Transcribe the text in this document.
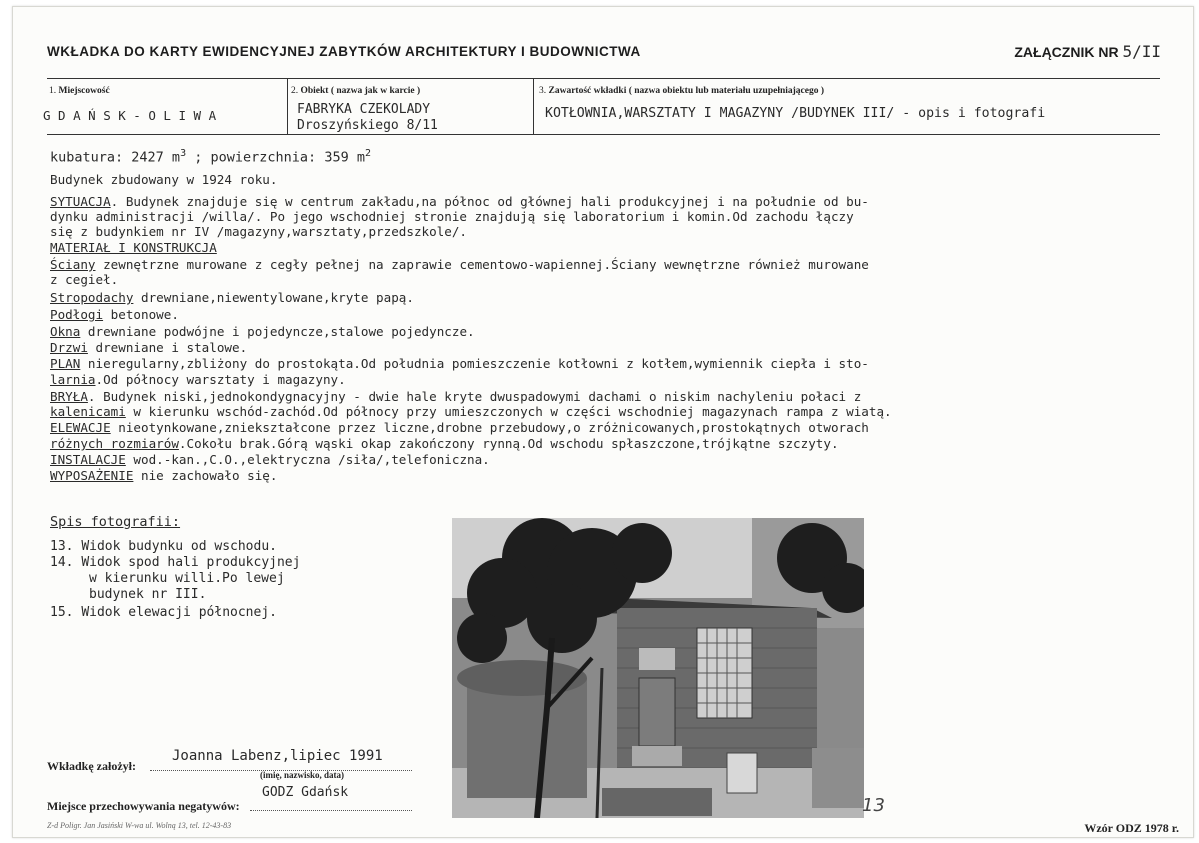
WKŁADKA DO KARTY EWIDENCYJNEJ ZABYTKÓW ARCHITEKTURY I BUDOWNICTWA	ZAŁĄCZNIK NR 5/II
1. Miejscowość
G D A Ń S K - O L I W A
2. Obiekt ( nazwa jak w karcie )
FABRYKA CZEKOLADY
Droszyńskiego 8/11
3. Zawartość wkładki ( nazwa obiektu lub materiału uzupełniającego )
KOTŁOWNIA,WARSZTATY I MAGAZYNY /BUDYNEK III/ - opis i fotografi
kubatura: 2427 $m^3$ ; powierzchnia: 359 $m^2$
Budynek zbudowany w 1924 roku.
SYTUACJA. Budynek znajduje się w centrum zakładu,na północ od głównej hali produkcyjnej i na południe od bu-
dynku administracji /willa/. Po jego wschodniej stronie znajdują się laboratorium i komin.Od zachodu łączy
się z budynkiem nr IV /magazyny,warsztaty,przedszkole/.
MATERIAŁ I KONSTRUKCJA
Ściany zewnętrzne murowane z cegły pełnej na zaprawie cementowo-wapiennej.Ściany wewnętrzne również murowane
z cegieł.
Stropodachy drewniane,niewentylowane,kryte papą.
Podłogi betonowe.
Okna drewniane podwójne i pojedyncze,stalowe pojedyncze.
Drzwi drewniane i stalowe.
PLAN nieregularny,zbliżony do prostokąta.Od południa pomieszczenie kotłowni z kotłem,wymiennik ciepła i sto-
larnia.Od północy warsztaty i magazyny.
BRYŁA. Budynek niski,jednokondygnacyjny - dwie hale kryte dwuspadowymi dachami o niskim nachyleniu połaci z
kalenicami w kierunku wschód-zachód.Od północy przy umieszczonych w części wschodniej magazynach rampa z wiatą.
ELEWACJE nieotynkowane,zniekształcone przez liczne,drobne przebudowy,o zróżnicowanych,prostokątnych otworach
różnych rozmiarów.Cokołu brak.Górą wąski okap zakończony rynną.Od wschodu spłaszczone,trójkątne szczyty.
INSTALACJE wod.-kan.,C.O.,elektryczna /siła/,telefoniczna.
WYPOSAŻENIE nie zachowało się.
Spis fotografii:
13. Widok budynku od wschodu.
14. Widok spod hali produkcyjnej
w kierunku willi.Po lewej
budynek nr III.
15. Widok elewacji północnej.
13
Wkładkę założył:
Joanna Labenz,lipiec 1991
(imię, nazwisko, data)
GODZ Gdańsk
Miejsce przechowywania negatywów:
Z-d Poligr. Jan Jasiński W-wa ul. Wolną 13, tel. 12-43-83	Wzór ODZ 1978 r.
